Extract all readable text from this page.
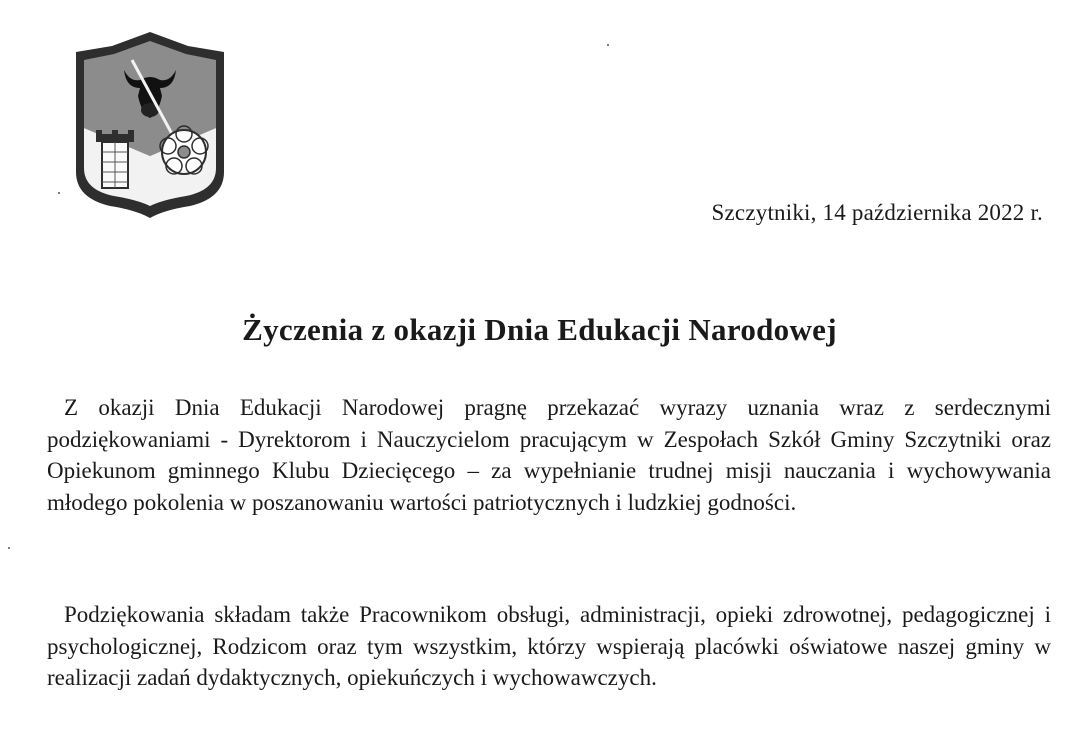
Szczytniki, 14 października 2022 r.
Życzenia z okazji Dnia Edukacji Narodowej
Z okazji Dnia Edukacji Narodowej pragnę przekazać wyrazy uznania wraz z serdecznymi podziękowaniami - Dyrektorom i Nauczycielom pracującym w Zespołach Szkół Gminy Szczytniki oraz Opiekunom gminnego Klubu Dziecięcego – za wypełnianie trudnej misji nauczania i wychowywania młodego pokolenia w poszanowaniu wartości patriotycznych i ludzkiej godności.
Podziękowania składam także Pracownikom obsługi, administracji, opieki zdrowotnej, pedagogicznej i psychologicznej, Rodzicom oraz tym wszystkim, którzy wspierają placówki oświatowe naszej gminy w realizacji zadań dydaktycznych, opiekuńczych i wychowawczych.
